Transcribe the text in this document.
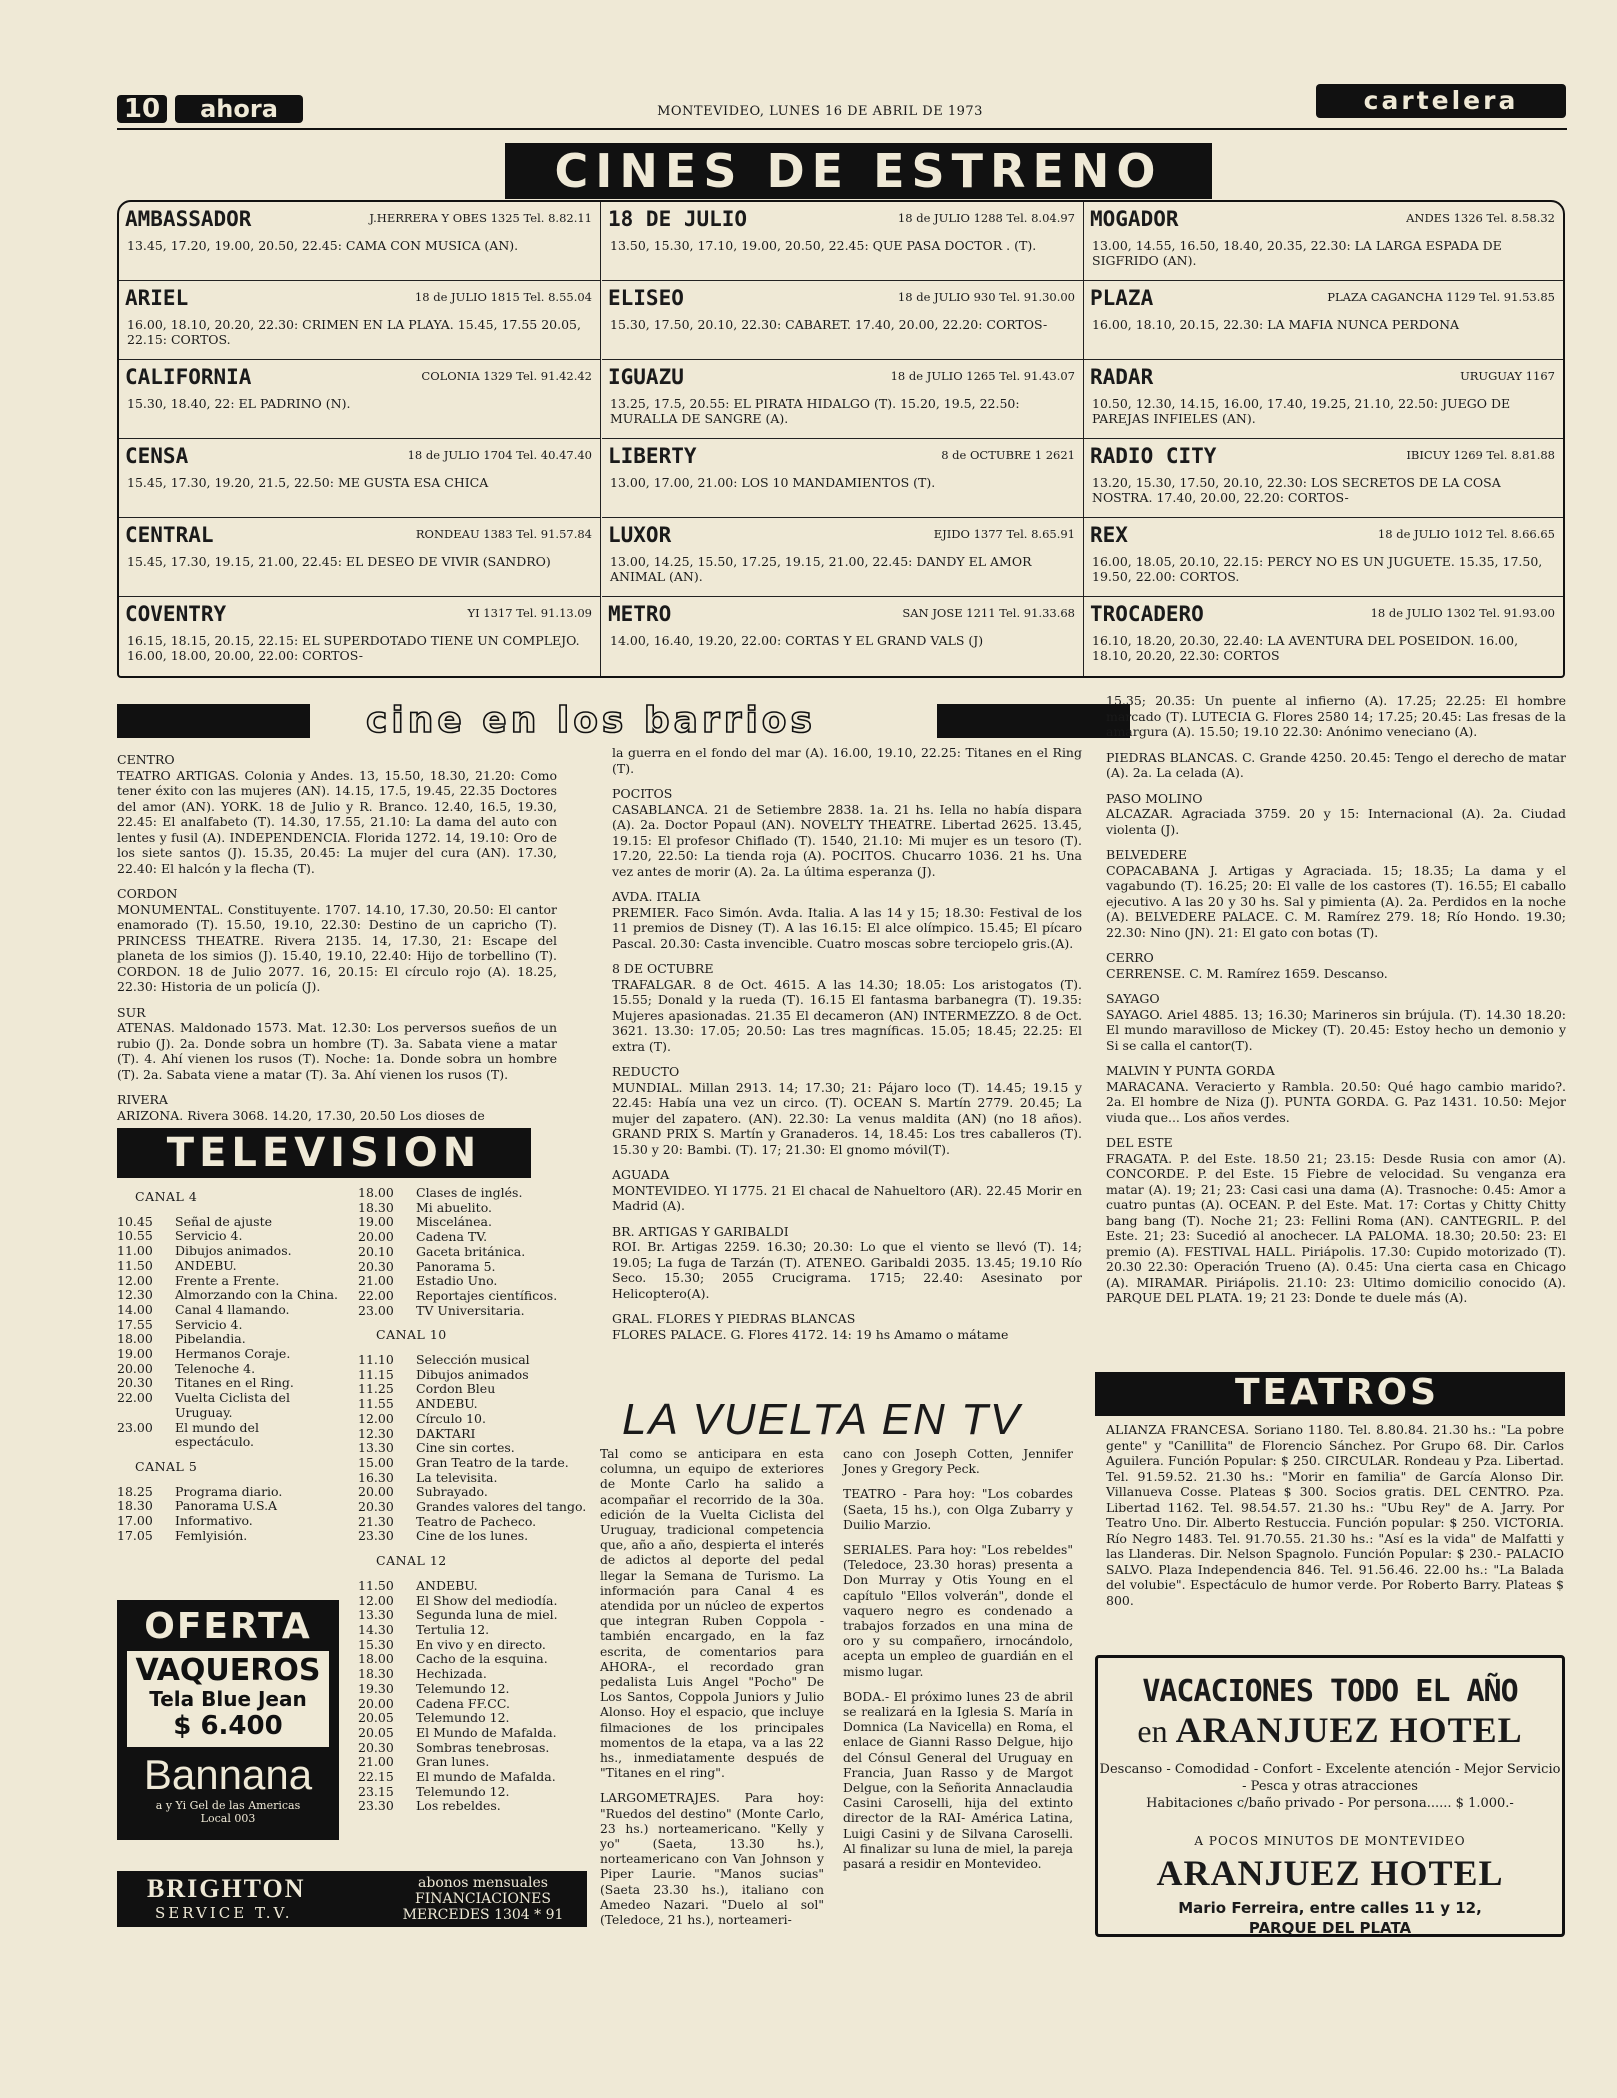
10	ahora	MONTEVIDEO, LUNES 16 DE ABRIL DE 1973	cartelera
CINES DE ESTRENO
AMBASSADOR	J.HERRERA Y OBES 1325 Tel. 8.82.11
13.45, 17.20, 19.00, 20.50, 22.45: CAMA CON MUSICA (AN).
ARIEL	18 de JULIO 1815 Tel. 8.55.04
16.00, 18.10, 20.20, 22.30: CRIMEN EN LA PLAYA. 15.45, 17.55 20.05, 22.15: CORTOS.
CALIFORNIA	COLONIA 1329 Tel. 91.42.42
15.30, 18.40, 22: EL PADRINO (N).
CENSA	18 de JULIO 1704 Tel. 40.47.40
15.45, 17.30, 19.20, 21.5, 22.50: ME GUSTA ESA CHICA
CENTRAL	RONDEAU 1383 Tel. 91.57.84
15.45, 17.30, 19.15, 21.00, 22.45: EL DESEO DE VIVIR (SANDRO)
COVENTRY	YI 1317 Tel. 91.13.09
16.15, 18.15, 20.15, 22.15: EL SUPERDOTADO TIENE UN COMPLEJO. 16.00, 18.00, 20.00, 22.00: CORTOS-
18 DE JULIO	18 de JULIO 1288 Tel. 8.04.97
13.50, 15.30, 17.10, 19.00, 20.50, 22.45: QUE PASA DOCTOR . (T).
ELISEO	18 de JULIO 930 Tel. 91.30.00
15.30, 17.50, 20.10, 22.30: CABARET. 17.40, 20.00, 22.20: CORTOS-
IGUAZU	18 de JULIO 1265 Tel. 91.43.07
13.25, 17.5, 20.55: EL PIRATA HIDALGO (T). 15.20, 19.5, 22.50: MURALLA DE SANGRE (A).
LIBERTY	8 de OCTUBRE 1 2621
13.00, 17.00, 21.00: LOS 10 MANDAMIENTOS (T).
LUXOR	EJIDO 1377 Tel. 8.65.91
13.00, 14.25, 15.50, 17.25, 19.15, 21.00, 22.45: DANDY EL AMOR ANIMAL (AN).
METRO	SAN JOSE 1211 Tel. 91.33.68
14.00, 16.40, 19.20, 22.00: CORTAS Y EL GRAND VALS (J)
MOGADOR	ANDES 1326 Tel. 8.58.32
13.00, 14.55, 16.50, 18.40, 20.35, 22.30: LA LARGA ESPADA DE SIGFRIDO (AN).
PLAZA	PLAZA CAGANCHA 1129 Tel. 91.53.85
16.00, 18.10, 20.15, 22.30: LA MAFIA NUNCA PERDONA
RADAR	URUGUAY 1167
10.50, 12.30, 14.15, 16.00, 17.40, 19.25, 21.10, 22.50: JUEGO DE PAREJAS INFIELES (AN).
RADIO CITY	IBICUY 1269 Tel. 8.81.88
13.20, 15.30, 17.50, 20.10, 22.30: LOS SECRETOS DE LA COSA NOSTRA. 17.40, 20.00, 22.20: CORTOS-
REX	18 de JULIO 1012 Tel. 8.66.65
16.00, 18.05, 20.10, 22.15: PERCY NO ES UN JUGUETE. 15.35, 17.50, 19.50, 22.00: CORTOS.
TROCADERO	18 de JULIO 1302 Tel. 91.93.00
16.10, 18.20, 20.30, 22.40: LA AVENTURA DEL POSEIDON. 16.00, 18.10, 20.20, 22.30: CORTOS
cine en los barrios

CENTRO
TEATRO ARTIGAS. Colonia y Andes. 13, 15.50, 18.30, 21.20: Como tener éxito con las mujeres (AN). 14.15, 17.5, 19.45, 22.35 Doctores del amor (AN). YORK. 18 de Julio y R. Branco. 12.40, 16.5, 19.30, 22.45: El analfabeto (T). 14.30, 17.55, 21.10: La dama del auto con lentes y fusil (A). INDEPENDENCIA. Florida 1272. 14, 19.10: Oro de los siete santos (J). 15.35, 20.45: La mujer del cura (AN). 17.30, 22.40: El halcón y la flecha (T).

CORDON
MONUMENTAL. Constituyente. 1707. 14.10, 17.30, 20.50: El cantor enamorado (T). 15.50, 19.10, 22.30: Destino de un capricho (T). PRINCESS THEATRE. Rivera 2135. 14, 17.30, 21: Escape del planeta de los simios (J). 15.40, 19.10, 22.40: Hijo de torbellino (T). CORDON. 18 de Julio 2077. 16, 20.15: El círculo rojo (A). 18.25, 22.30: Historia de un policía (J).

SUR
ATENAS. Maldonado 1573. Mat. 12.30: Los perversos sueños de un rubio (J). 2a. Donde sobra un hombre (T). 3a. Sabata viene a matar (T). 4. Ahí vienen los rusos (T). Noche: 1a. Donde sobra un hombre (T). 2a. Sabata viene a matar (T). 3a. Ahí vienen los rusos (T).

RIVERA
ARIZONA. Rivera 3068. 14.20, 17.30, 20.50 Los dioses de

la guerra en el fondo del mar (A). 16.00, 19.10, 22.25: Titanes en el Ring (T).

POCITOS
CASABLANCA. 21 de Setiembre 2838. 1a. 21 hs. Iella no había dispara (A). 2a. Doctor Popaul (AN). NOVELTY THEATRE. Libertad 2625. 13.45, 19.15: El profesor Chiflado (T). 1540, 21.10: Mi mujer es un tesoro (T). 17.20, 22.50: La tienda roja (A). POCITOS. Chucarro 1036. 21 hs. Una vez antes de morir (A). 2a. La última esperanza (J).

AVDA. ITALIA
PREMIER. Faco Simón. Avda. Italia. A las 14 y 15; 18.30: Festival de los 11 premios de Disney (T). A las 16.15: El alce olímpico. 15.45; El pícaro Pascal. 20.30: Casta invencible. Cuatro moscas sobre terciopelo gris.(A).

8 DE OCTUBRE
TRAFALGAR. 8 de Oct. 4615. A las 14.30; 18.05: Los aristogatos (T). 15.55; Donald y la rueda (T). 16.15 El fantasma barbanegra (T). 19.35: Mujeres apasionadas. 21.35 El decameron (AN) INTERMEZZO. 8 de Oct. 3621. 13.30: 17.05; 20.50: Las tres magníficas. 15.05; 18.45; 22.25: El extra (T).

REDUCTO
MUNDIAL. Millan 2913. 14; 17.30; 21: Pájaro loco (T). 14.45; 19.15 y 22.45: Había una vez un circo. (T). OCEAN S. Martín 2779. 20.45; La mujer del zapatero. (AN). 22.30: La venus maldita (AN) (no 18 años). GRAND PRIX S. Martín y Granaderos. 14, 18.45: Los tres caballeros (T). 15.30 y 20: Bambi. (T). 17; 21.30: El gnomo móvil(T).

AGUADA
MONTEVIDEO. YI 1775. 21 El chacal de Nahueltoro (AR). 22.45 Morir en Madrid (A).

BR. ARTIGAS Y GARIBALDI
ROI. Br. Artigas 2259. 16.30; 20.30: Lo que el viento se llevó (T). 14; 19.05; La fuga de Tarzán (T). ATENEO. Garibaldi 2035. 13.45; 19.10 Río Seco. 15.30; 2055 Crucigrama. 1715; 22.40: Asesinato por Helicoptero(A).

GRAL. FLORES Y PIEDRAS BLANCAS
FLORES PALACE. G. Flores 4172. 14: 19 hs Amamo o mátame

15.35; 20.35: Un puente al infierno (A). 17.25; 22.25: El hombre marcado (T). LUTECIA G. Flores 2580 14; 17.25; 20.45: Las fresas de la amargura (A). 15.50; 19.10 22.30: Anónimo veneciano (A).

PIEDRAS BLANCAS. C. Grande 4250. 20.45: Tengo el derecho de matar (A). 2a. La celada (A).

PASO MOLINO
ALCAZAR. Agraciada 3759. 20 y 15: Internacional (A). 2a. Ciudad violenta (J).

BELVEDERE
COPACABANA J. Artigas y Agraciada. 15; 18.35; La dama y el vagabundo (T). 16.25; 20: El valle de los castores (T). 16.55; El caballo ejecutivo. A las 20 y 30 hs. Sal y pimienta (A). 2a. Perdidos en la noche (A). BELVEDERE PALACE. C. M. Ramírez 279. 18; Río Hondo. 19.30; 22.30: Nino (JN). 21: El gato con botas (T).

CERRO
CERRENSE. C. M. Ramírez 1659. Descanso.

SAYAGO
SAYAGO. Ariel 4885. 13; 16.30; Marineros sin brújula. (T). 14.30 18.20: El mundo maravilloso de Mickey (T). 20.45: Estoy hecho un demonio y Si se calla el cantor(T).

MALVIN Y PUNTA GORDA
MARACANA. Veracierto y Rambla. 20.50: Qué hago cambio marido?. 2a. El hombre de Niza (J). PUNTA GORDA. G. Paz 1431. 10.50: Mejor viuda que... Los años verdes.

DEL ESTE
FRAGATA. P. del Este. 18.50 21; 23.15: Desde Rusia con amor (A). CONCORDE. P. del Este. 15 Fiebre de velocidad. Su venganza era matar (A). 19; 21; 23: Casi casi una dama (A). Trasnoche: 0.45: Amor a cuatro puntas (A). OCEAN. P. del Este. Mat. 17: Cortas y Chitty Chitty bang bang (T). Noche 21; 23: Fellini Roma (AN). CANTEGRIL. P. del Este. 21; 23: Sucedió al anochecer. LA PALOMA. 18.30; 20.50: 23: El premio (A). FESTIVAL HALL. Piriápolis. 17.30: Cupido motorizado (T). 20.30 22.30: Operación Trueno (A). 0.45: Una cierta casa en Chicago (A). MIRAMAR. Piriápolis. 21.10: 23: Ultimo domicilio conocido (A). PARQUE DEL PLATA. 19; 21 23: Donde te duele más (A).

TELEVISION
CANAL 4
10.45	Señal de ajuste
10.55	Servicio 4.
11.00	Dibujos animados.
11.50	ANDEBU.
12.00	Frente a Frente.
12.30	Almorzando con la China.
14.00	Canal 4 llamando.
17.55	Servicio 4.
18.00	Pibelandia.
19.00	Hermanos Coraje.
20.00	Telenoche 4.
20.30	Titanes en el Ring.
22.00	Vuelta Ciclista del Uruguay.
23.00	El mundo del espectáculo.
CANAL 5
18.25	Programa diario.
18.30	Panorama U.S.A
17.00	Informativo.
17.05	Femlyisión.
18.00	Clases de inglés.
18.30	Mi abuelito.
19.00	Miscelánea.
20.00	Cadena TV.
20.10	Gaceta británica.
20.30	Panorama 5.
21.00	Estadio Uno.
22.00	Reportajes científicos.
23.00	TV Universitaria.
CANAL 10
11.10	Selección musical
11.15	Dibujos animados
11.25	Cordon Bleu
11.55	ANDEBU.
12.00	Círculo 10.
12.30	DAKTARI
13.30	Cine sin cortes.
15.00	Gran Teatro de la tarde.
16.30	La televisita.
20.00	Subrayado.
20.30	Grandes valores del tango.
21.30	Teatro de Pacheco.
23.30	Cine de los lunes.
CANAL 12
11.50	ANDEBU.
12.00	El Show del mediodía.
13.30	Segunda luna de miel.
14.30	Tertulia 12.
15.30	En vivo y en directo.
18.00	Cacho de la esquina.
18.30	Hechizada.
19.30	Telemundo 12.
20.00	Cadena FF.CC.
20.05	Telemundo 12.
20.05	El Mundo de Mafalda.
20.30	Sombras tenebrosas.
21.00	Gran lunes.
22.15	El mundo de Mafalda.
23.15	Telemundo 12.
23.30	Los rebeldes.
OFERTA
VAQUEROS
Tela Blue Jean
$ 6.400
Bannana
a y Yi Gel de las Americas
Local 003
BRIGHTON
SERVICE T.V.
abonos mensuales
FINANCIACIONES
MERCEDES 1304 * 91
LA VUELTA EN TV

Tal como se anticipara en esta columna, un equipo de exteriores de Monte Carlo ha salido a acompañar el recorrido de la 30a. edición de la Vuelta Ciclista del Uruguay, tradicional competencia que, año a año, despierta el interés de adictos al deporte del pedal llegar la Semana de Turismo. La información para Canal 4 es atendida por un núcleo de expertos que integran Ruben Coppola -también encargado, en la faz escrita, de comentarios para AHORA-, el recordado gran pedalista Luis Angel "Pocho" De Los Santos, Coppola Juniors y Julio Alonso. Hoy el espacio, que incluye filmaciones de los principales momentos de la etapa, va a las 22 hs., inmediatamente después de "Titanes en el ring".

LARGOMETRAJES. Para hoy: "Ruedos del destino" (Monte Carlo, 23 hs.) norteamericano. "Kelly y yo" (Saeta, 13.30 hs.), norteamericano con Van Johnson y Piper Laurie. "Manos sucias" (Saeta 23.30 hs.), italiano con Amedeo Nazari. "Duelo al sol" (Teledoce, 21 hs.), norteameri-

cano con Joseph Cotten, Jennifer Jones y Gregory Peck.

TEATRO - Para hoy: "Los cobardes (Saeta, 15 hs.), con Olga Zubarry y Duilio Marzio.

SERIALES. Para hoy: "Los rebeldes" (Teledoce, 23.30 horas) presenta a Don Murray y Otis Young en el capítulo "Ellos volverán", donde el vaquero negro es condenado a trabajos forzados en una mina de oro y su compañero, irnocándolo, acepta un empleo de guardián en el mismo lugar.

BODA.- El próximo lunes 23 de abril se realizará en la Iglesia S. María in Domnica (La Navicella) en Roma, el enlace de Gianni Rasso Delgue, hijo del Cónsul General del Uruguay en Francia, Juan Rasso y de Margot Delgue, con la Señorita Annaclaudia Casini Caroselli, hija del extinto director de la RAI- América Latina, Luigi Casini y de Silvana Caroselli. Al finalizar su luna de miel, la pareja pasará a residir en Montevideo.

TEATROS

ALIANZA FRANCESA. Soriano 1180. Tel. 8.80.84. 21.30 hs.: "La pobre gente" y "Canillita" de Florencio Sánchez. Por Grupo 68. Dir. Carlos Aguilera. Función Popular: $ 250. CIRCULAR. Rondeau y Pza. Libertad. Tel. 91.59.52. 21.30 hs.: "Morir en familia" de García Alonso Dir. Villanueva Cosse. Plateas $ 300. Socios gratis. DEL CENTRO. Pza. Libertad 1162. Tel. 98.54.57. 21.30 hs.: "Ubu Rey" de A. Jarry. Por Teatro Uno. Dir. Alberto Restuccia. Función popular: $ 250. VICTORIA. Río Negro 1483. Tel. 91.70.55. 21.30 hs.: "Así es la vida" de Malfatti y las Llanderas. Dir. Nelson Spagnolo. Función Popular: $ 230.- PALACIO SALVO. Plaza Independencia 846. Tel. 91.56.46. 22.00 hs.: "La Balada del volubie". Espectáculo de humor verde. Por Roberto Barry. Plateas $ 800.

VACACIONES TODO EL AÑO
en ARANJUEZ HOTEL
Descanso - Comodidad - Confort - Excelente atención - Mejor Servicio - Pesca y otras atracciones
Habitaciones c/baño privado - Por persona...... $ 1.000.-
A POCOS MINUTOS DE MONTEVIDEO
ARANJUEZ HOTEL
Mario Ferreira, entre calles 11 y 12,
PARQUE DEL PLATA
